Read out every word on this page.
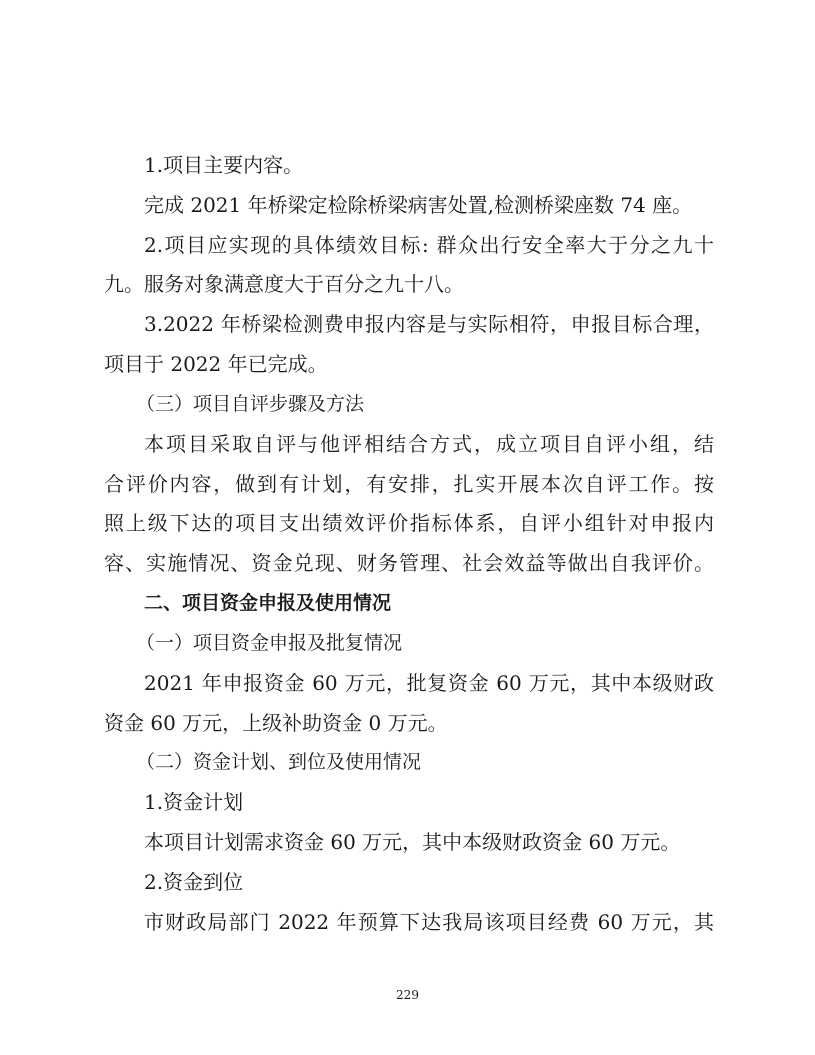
1.项目主要内容。
完成 2021 年桥梁定检除桥梁病害处置,检测桥梁座数 74 座。
2.项目应实现的具体绩效目标: 群众出行安全率大于分之九十
九。服务对象满意度大于百分之九十八。
3.2022 年桥梁检测费申报内容是与实际相符，申报目标合理，
项目于 2022 年已完成。
（三）项目自评步骤及方法
本项目采取自评与他评相结合方式，成立项目自评小组，结
合评价内容，做到有计划，有安排，扎实开展本次自评工作。按
照上级下达的项目支出绩效评价指标体系，自评小组针对申报内
容、实施情况、资金兑现、财务管理、社会效益等做出自我评价。
二、项目资金申报及使用情况
（一）项目资金申报及批复情况
2021 年申报资金 60 万元，批复资金 60 万元，其中本级财政
资金 60 万元，上级补助资金 0 万元。
（二）资金计划、到位及使用情况
1.资金计划
本项目计划需求资金 60 万元，其中本级财政资金 60 万元。
2.资金到位
市财政局部门 2022 年预算下达我局该项目经费 60 万元，其
229
